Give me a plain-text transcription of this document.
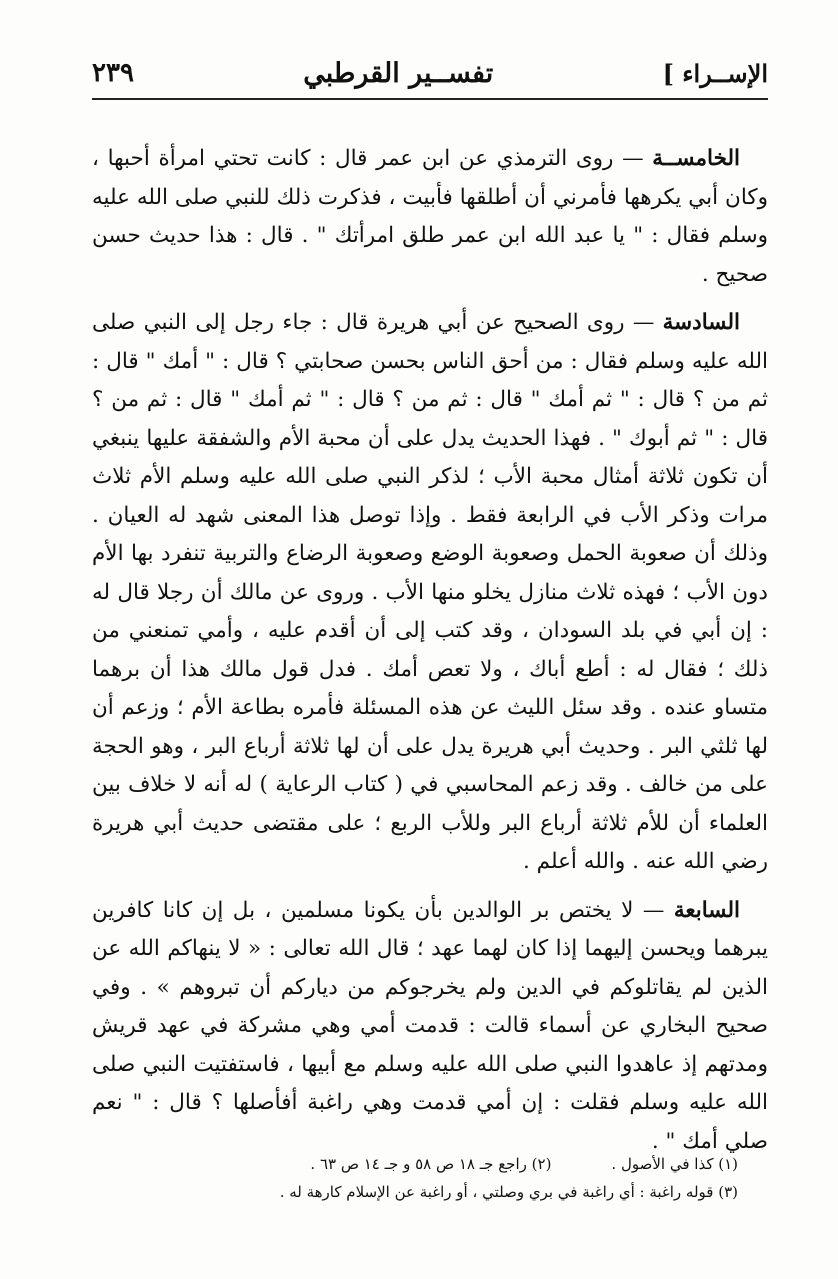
الإســراء ]
تفســير القرطبي
٢٣٩

الخامســة — روى الترمذي عن ابن عمر قال : كانت تحتي امرأة أحبها ، وكان أبي يكرهها فأمرني أن أطلقها فأبيت ، فذكرت ذلك للنبي صلى الله عليه وسلم فقال : " يا عبد الله ابن عمر طلق امرأتك " . قال : هذا حديث حسن صحيح .

السادسة — روى الصحيح عن أبي هريرة قال : جاء رجل إلى النبي صلى الله عليه وسلم فقال : من أحق الناس بحسن صحابتي ؟ قال : " أمك " قال : ثم من ؟ قال : " ثم أمك " قال : ثم من ؟ قال : " ثم أمك " قال : ثم من ؟ قال : " ثم أبوك " . فهذا الحديث يدل على أن محبة الأم والشفقة عليها ينبغي أن تكون ثلاثة أمثال محبة الأب ؛ لذكر النبي صلى الله عليه وسلم الأم ثلاث مرات وذكر الأب في الرابعة فقط . وإذا توصل هذا المعنى شهد له العيان . وذلك أن صعوبة الحمل وصعوبة الوضع وصعوبة الرضاع والتربية تنفرد بها الأم دون الأب ؛ فهذه ثلاث منازل يخلو منها الأب . وروى عن مالك أن رجلا قال له : إن أبي في بلد السودان ، وقد كتب إلى أن أقدم عليه ، وأمي تمنعني من ذلك ؛ فقال له : أطع أباك ، ولا تعص أمك . فدل قول مالك هذا أن برهما متساو عنده . وقد سئل الليث عن هذه المسئلة فأمره بطاعة الأم ؛ وزعم أن لها ثلثي البر . وحديث أبي هريرة يدل على أن لها ثلاثة أرباع البر ، وهو الحجة على من خالف . وقد زعم المحاسبي في ( كتاب الرعاية ) له أنه لا خلاف بين العلماء أن للأم ثلاثة أرباع البر وللأب الربع ؛ على مقتضى حديث أبي هريرة رضي الله عنه . والله أعلم .

السابعة — لا يختص بر الوالدين بأن يكونا مسلمين ، بل إن كانا كافرين يبرهما ويحسن إليهما إذا كان لهما عهد ؛ قال الله تعالى : « لا ينهاكم الله عن الذين لم يقاتلوكم في الدين ولم يخرجوكم من دياركم أن تبروهم » . وفي صحيح البخاري عن أسماء قالت : قدمت أمي وهي مشركة في عهد قريش ومدتهم إذ عاهدوا النبي صلى الله عليه وسلم مع أبيها ، فاستفتيت النبي صلى الله عليه وسلم فقلت : إن أمي قدمت وهي راغبة أفأصلها ؟ قال : " نعم صلي أمك " .

(١) كذا في الأصول .
(٢) راجع جـ ١٨ ص ٥٨ و جـ ١٤ ص ٦٣ .
(٣) قوله راغبة : أي راغبة في بري وصلتي ، أو راغبة عن الإسلام كارهة له .
